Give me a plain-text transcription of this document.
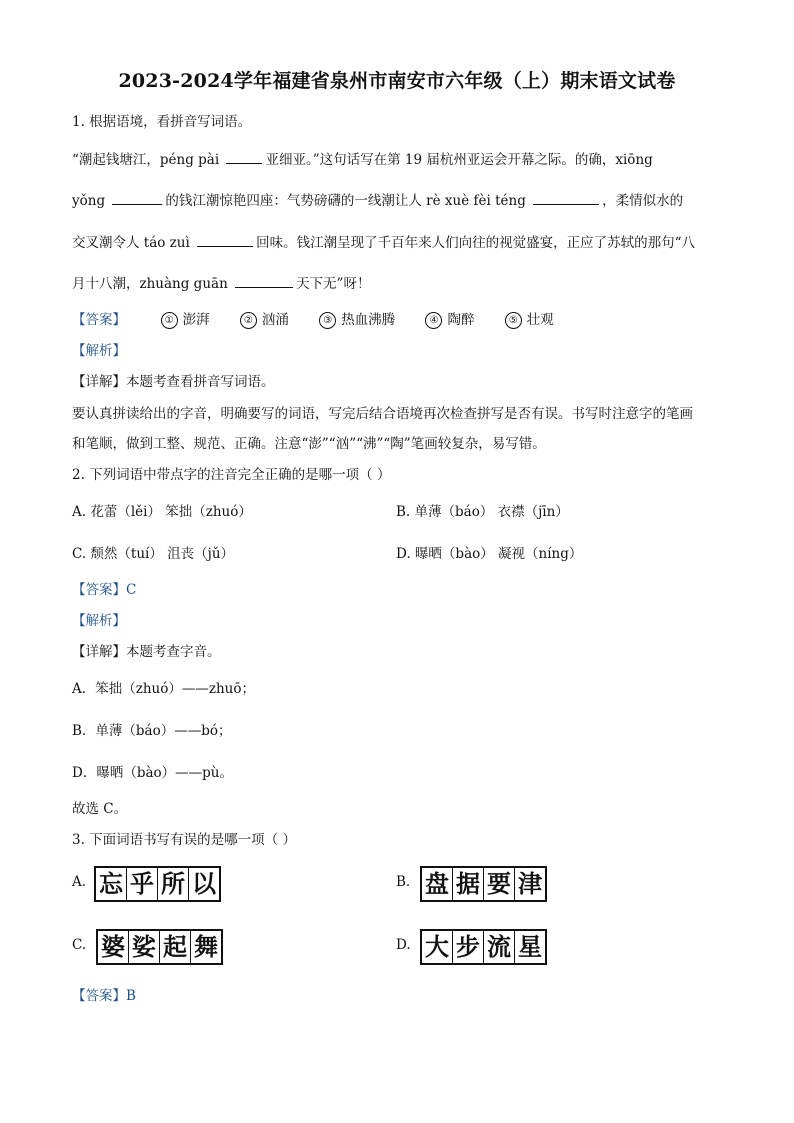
2023-2024学年福建省泉州市南安市六年级（上）期末语文试卷
1. 根据语境，看拼音写词语。
“潮起钱塘江，péng pài	亚细亚。”这句话写在第 19 届杭州亚运会开幕之际。的确，xiōng
yǒng	的钱江潮惊艳四座：气势磅礴的一线潮让人 rè xuè fèi téng	，柔情似水的
交叉潮令人 táo zuì	回味。钱江潮呈现了千百年来人们向往的视觉盛宴，正应了苏轼的那句“八
月十八潮，zhuàng guān	天下无”呀！
【答案】	① 澎湃	② 汹涌	③ 热血沸腾	④ 陶醉	⑤ 壮观
【解析】
【详解】本题考查看拼音写词语。
要认真拼读给出的字音，明确要写的词语，写完后结合语境再次检查拼写是否有误。书写时注意字的笔画
和笔顺，做到工整、规范、正确。注意“澎”“汹”“沸”“陶”笔画较复杂，易写错。
2. 下列词语中带点字的注音完全正确的是哪一项（ ）
A. 花蕾（lěi） 笨拙（zhuó）	B. 单薄（báo） 衣襟（jīn）
C. 颓然（tuí） 沮丧（jǔ）	D. 曝晒（bào） 凝视（níng）
【答案】C
【解析】
【详解】本题考查字音。
A．笨拙（zhuó）——zhuō；
B．单薄（báo）——bó；
D．曝晒（bào）——pù。
故选 C。
3. 下面词语书写有误的是哪一项（ ）
A. 忘 乎 所 以	B. 盘 据 要 津
C. 婆 娑 起 舞	D. 大 步 流 星
【答案】B
